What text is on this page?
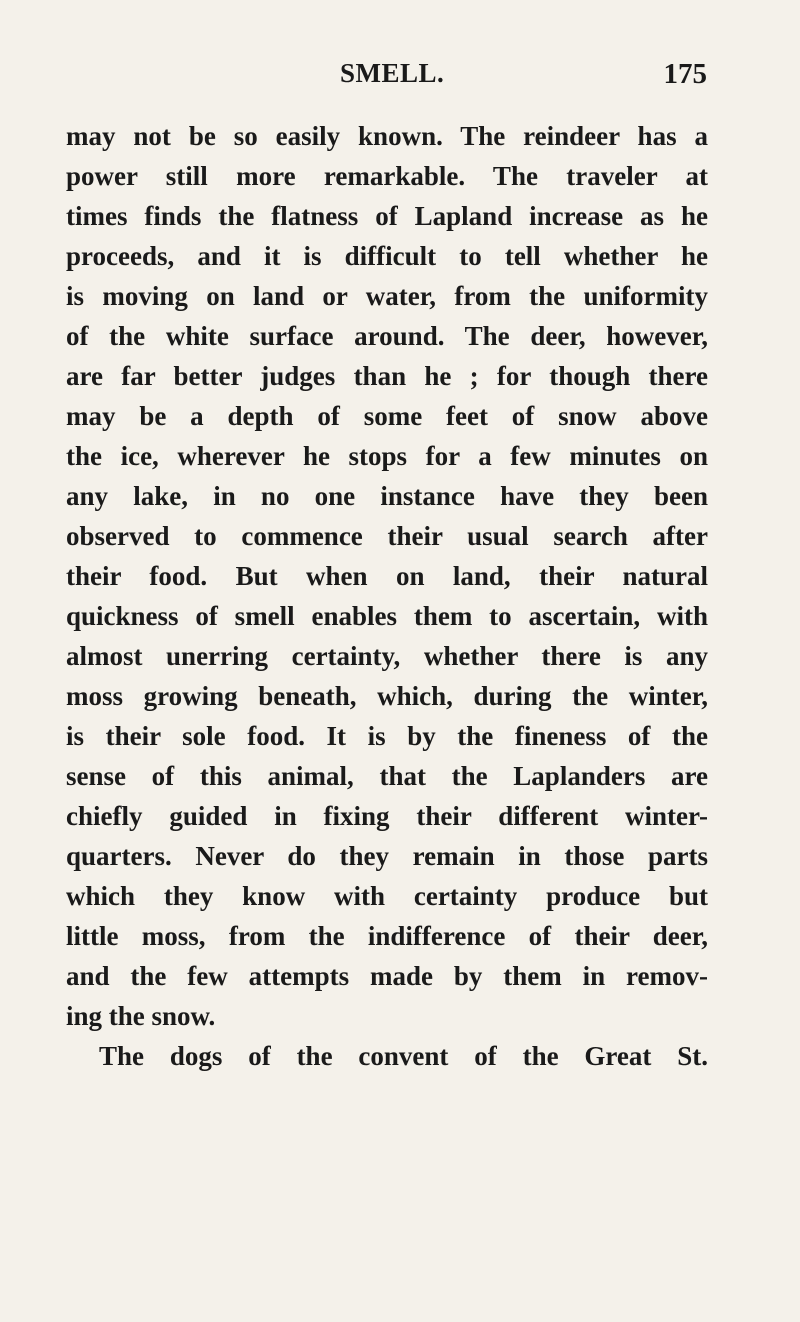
SMELL.	175
may not be so easily known. The reindeer has a
power still more remarkable. The traveler at
times finds the flatness of Lapland increase as he
proceeds, and it is difficult to tell whether he
is moving on land or water, from the uniformity
of the white surface around. The deer, however,
are far better judges than he ; for though there
may be a depth of some feet of snow above
the ice, wherever he stops for a few minutes on
any lake, in no one instance have they been
observed to commence their usual search after
their food. But when on land, their natural
quickness of smell enables them to ascertain, with
almost unerring certainty, whether there is any
moss growing beneath, which, during the winter,
is their sole food. It is by the fineness of the
sense of this animal, that the Laplanders are
chiefly guided in fixing their different winter-
quarters. Never do they remain in those parts
which they know with certainty produce but
little moss, from the indifference of their deer,
and the few attempts made by them in remov-
ing the snow.
The dogs of the convent of the Great St.
